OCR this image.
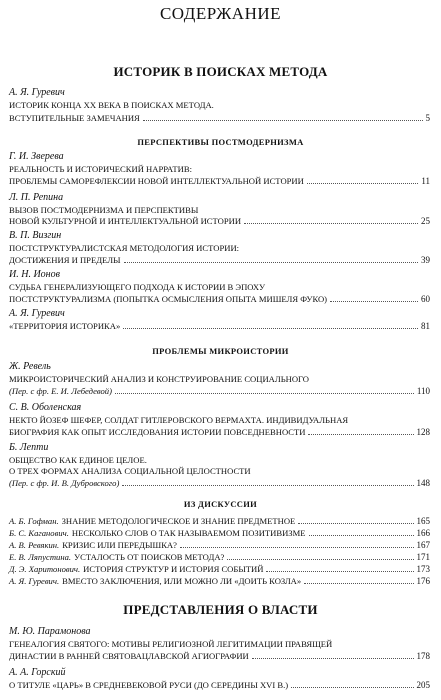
СОДЕРЖАНИЕ
ИСТОРИК В ПОИСКАХ МЕТОДА
А. Я. Гуревич
ИСТОРИК КОНЦА XX ВЕКА В ПОИСКАХ МЕТОДА.
ВСТУПИТЕЛЬНЫЕ ЗАМЕЧАНИЯ	5
ПЕРСПЕКТИВЫ ПОСТМОДЕРНИЗМА
Г. И. Зверева
РЕАЛЬНОСТЬ И ИСТОРИЧЕСКИЙ НАРРАТИВ:
ПРОБЛЕМЫ САМОРЕФЛЕКСИИ НОВОЙ ИНТЕЛЛЕКТУАЛЬНОЙ ИСТОРИИ	11
Л. П. Репина
ВЫЗОВ ПОСТМОДЕРНИЗМА И ПЕРСПЕКТИВЫ
НОВОЙ КУЛЬТУРНОЙ И ИНТЕЛЛЕКТУАЛЬНОЙ ИСТОРИИ	25
В. П. Визгин
ПОСТСТРУКТУРАЛИСТСКАЯ МЕТОДОЛОГИЯ ИСТОРИИ:
ДОСТИЖЕНИЯ И ПРЕДЕЛЫ	39
И. Н. Ионов
СУДЬБА ГЕНЕРАЛИЗУЮЩЕГО ПОДХОДА К ИСТОРИИ В ЭПОХУ
ПОСТСТРУКТУРАЛИЗМА (ПОПЫТКА ОСМЫСЛЕНИЯ ОПЫТА МИШЕЛЯ ФУКО)	60
А. Я. Гуревич
«ТЕРРИТОРИЯ ИСТОРИКА»	81
ПРОБЛЕМЫ МИКРОИСТОРИИ
Ж. Ревель
МИКРОИСТОРИЧЕСКИЙ АНАЛИЗ И КОНСТРУИРОВАНИЕ СОЦИАЛЬНОГО
(Пер. с фр. Е. И. Лебедевой)	110
С. В. Оболенская
НЕКТО ЙОЗЕФ ШЕФЕР, СОЛДАТ ГИТЛЕРОВСКОГО ВЕРМАХТА. ИНДИВИДУАЛЬНАЯ
БИОГРАФИЯ КАК ОПЫТ ИССЛЕДОВАНИЯ ИСТОРИИ ПОВСЕДНЕВНОСТИ	128
Б. Лепти
ОБЩЕСТВО КАК ЕДИНОЕ ЦЕЛОЕ.
О ТРЕХ ФОРМАХ АНАЛИЗА СОЦИАЛЬНОЙ ЦЕЛОСТНОСТИ
(Пер. с фр. И. В. Дубровского)	148
ИЗ ДИСКУССИИ
А. Б. Гофман. ЗНАНИЕ МЕТОДОЛОГИЧЕСКОЕ И ЗНАНИЕ ПРЕДМЕТНОЕ	165
Б. С. Каганович. НЕСКОЛЬКО СЛОВ О ТАК НАЗЫВАЕМОМ ПОЗИТИВИЗМЕ	166
А. В. Ревякин. КРИЗИС ИЛИ ПЕРЕДЫШКА?	167
Е. В. Ляпустина. УСТАЛОСТЬ ОТ ПОИСКОВ МЕТОДА?	171
Д. Э. Харитонович. ИСТОРИЯ СТРУКТУР И ИСТОРИЯ СОБЫТИЙ	173
А. Я. Гуревич. ВМЕСТО ЗАКЛЮЧЕНИЯ, ИЛИ МОЖНО ЛИ «ДОИТЬ КОЗЛА»	176
ПРЕДСТАВЛЕНИЯ О ВЛАСТИ
М. Ю. Парамонова
ГЕНЕАЛОГИЯ СВЯТОГО: МОТИВЫ РЕЛИГИОЗНОЙ ЛЕГИТИМАЦИИ ПРАВЯЩЕЙ
ДИНАСТИИ В РАННЕЙ СВЯТОВАЦЛАВСКОЙ АГИОГРАФИИ	178
А. А. Горский
О ТИТУЛЕ «ЦАРЬ» В СРЕДНЕВЕКОВОЙ РУСИ (ДО СЕРЕДИНЫ XVI В.)	205
